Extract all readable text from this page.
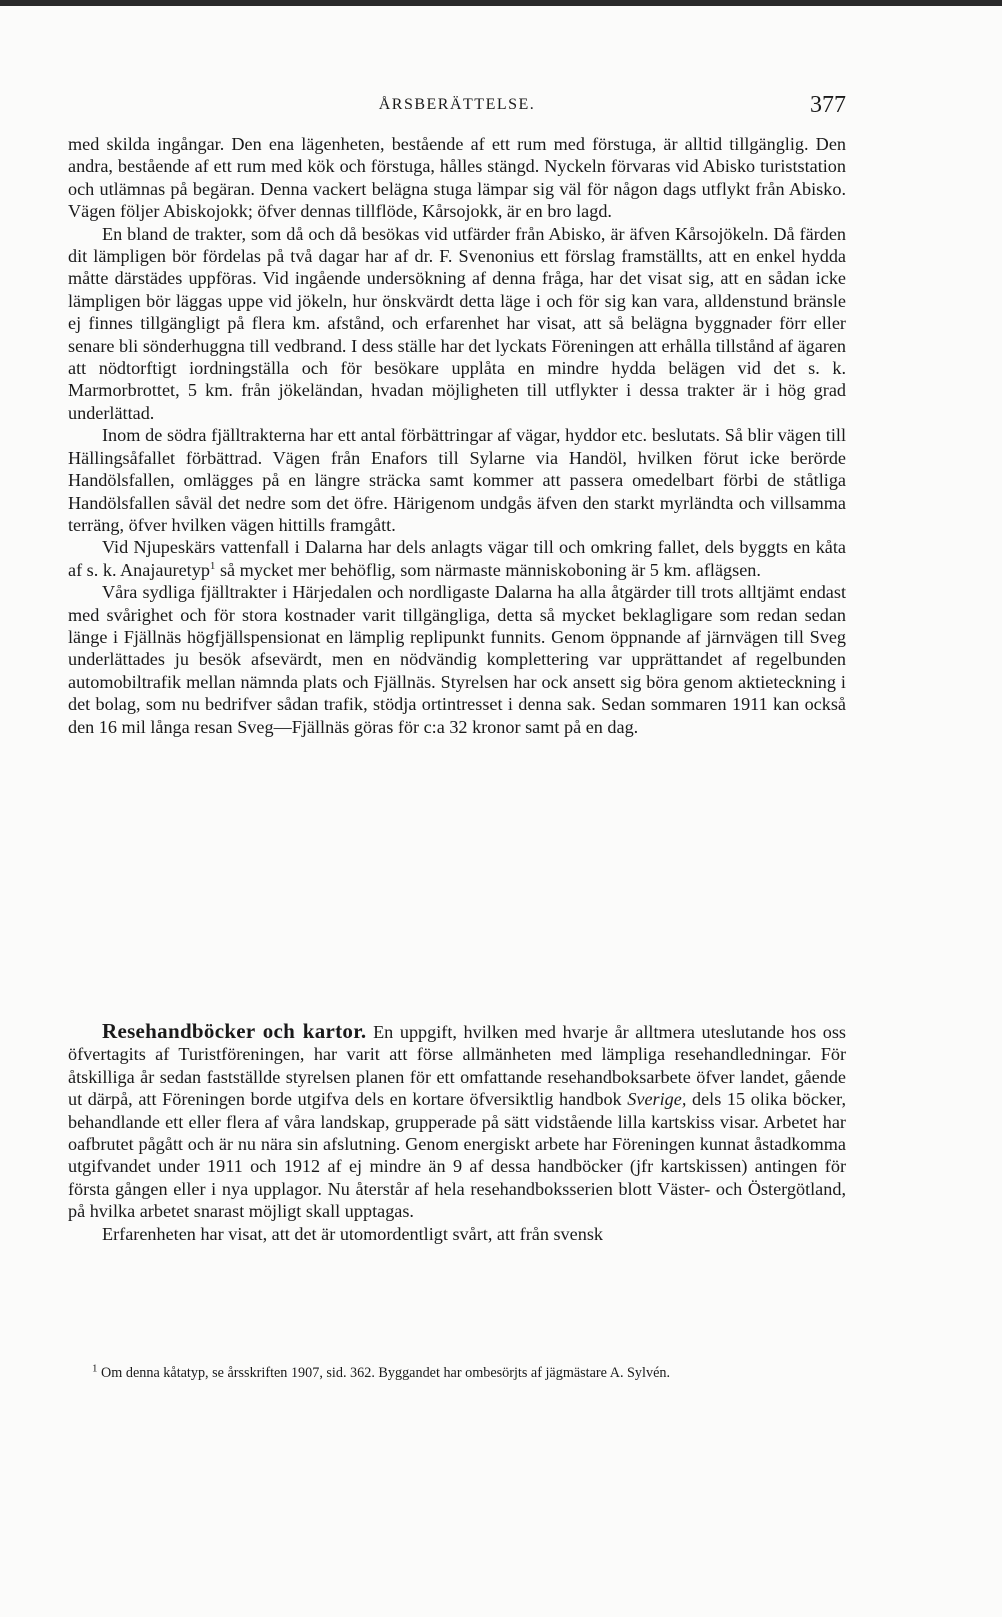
ÅRSBERÄTTELSE.	377

med skilda ingångar. Den ena lägenheten, bestående af ett rum med förstuga, är alltid tillgänglig. Den andra, bestående af ett rum med kök och förstuga, hålles stängd. Nyckeln förvaras vid Abisko turiststation och utlämnas på begäran. Denna vackert belägna stuga lämpar sig väl för någon dags utflykt från Abisko. Vägen följer Abiskojokk; öfver dennas tillflöde, Kårsojokk, är en bro lagd.

En bland de trakter, som då och då besökas vid utfärder från Abisko, är äfven Kårsojökeln. Då färden dit lämpligen bör fördelas på två dagar har af dr. F. Svenonius ett förslag framställts, att en enkel hydda måtte därstädes uppföras. Vid ingående undersökning af denna fråga, har det visat sig, att en sådan icke lämpligen bör läggas uppe vid jökeln, hur önskvärdt detta läge i och för sig kan vara, alldenstund bränsle ej finnes tillgängligt på flera km. afstånd, och erfarenhet har visat, att så belägna byggnader förr eller senare bli sönderhuggna till vedbrand. I dess ställe har det lyckats Föreningen att erhålla tillstånd af ägaren att nödtorftigt iordningställa och för besökare upplåta en mindre hydda belägen vid det s. k. Marmorbrottet, 5 km. från jökeländan, hvadan möjligheten till utflykter i dessa trakter är i hög grad underlättad.

Inom de södra fjälltrakterna har ett antal förbättringar af vägar, hyddor etc. beslutats. Så blir vägen till Hällingsåfallet förbättrad. Vägen från Enafors till Sylarne via Handöl, hvilken förut icke berörde Handölsfallen, omlägges på en längre sträcka samt kommer att passera omedelbart förbi de ståtliga Handölsfallen såväl det nedre som det öfre. Härigenom undgås äfven den starkt myrländta och villsamma terräng, öfver hvilken vägen hittills framgått.

Vid Njupeskärs vattenfall i Dalarna har dels anlagts vägar till och omkring fallet, dels byggts en kåta af s. k. Anajauretyp$^1$ så mycket mer behöflig, som närmaste människoboning är 5 km. aflägsen.

Våra sydliga fjälltrakter i Härjedalen och nordligaste Dalarna ha alla åtgärder till trots alltjämt endast med svårighet och för stora kostnader varit tillgängliga, detta så mycket beklagligare som redan sedan länge i Fjällnäs högfjällspensionat en lämplig replipunkt funnits. Genom öppnande af järnvägen till Sveg underlättades ju besök afsevärdt, men en nödvändig komplettering var upprättandet af regelbunden automobiltrafik mellan nämnda plats och Fjällnäs. Styrelsen har ock ansett sig böra genom aktieteckning i det bolag, som nu bedrifver sådan trafik, stödja ortintresset i denna sak. Sedan sommaren 1911 kan också den 16 mil långa resan Sveg—Fjällnäs göras för c:a 32 kronor samt på en dag.

Resehandböcker och kartor. En uppgift, hvilken med hvarje år alltmera uteslutande hos oss öfvertagits af Turistföreningen, har varit att förse allmänheten med lämpliga resehandledningar. För åtskilliga år sedan fastställde styrelsen planen för ett omfattande resehandboksarbete öfver landet, gående ut därpå, att Föreningen borde utgifva dels en kortare öfversiktlig handbok Sverige, dels 15 olika böcker, behandlande ett eller flera af våra landskap, grupperade på sätt vidstående lilla kartskiss visar. Arbetet har oafbrutet pågått och är nu nära sin afslutning. Genom energiskt arbete har Föreningen kunnat åstadkomma utgifvandet under 1911 och 1912 af ej mindre än 9 af dessa handböcker (jfr kartskissen) antingen för första gången eller i nya upplagor. Nu återstår af hela resehandboksserien blott Väster- och Östergötland, på hvilka arbetet snarast möjligt skall upptagas.

Erfarenheten har visat, att det är utomordentligt svårt, att från svensk

$^1$ Om denna kåtatyp, se årsskriften 1907, sid. 362. Byggandet har ombesörjts af jägmästare A. Sylvén.
